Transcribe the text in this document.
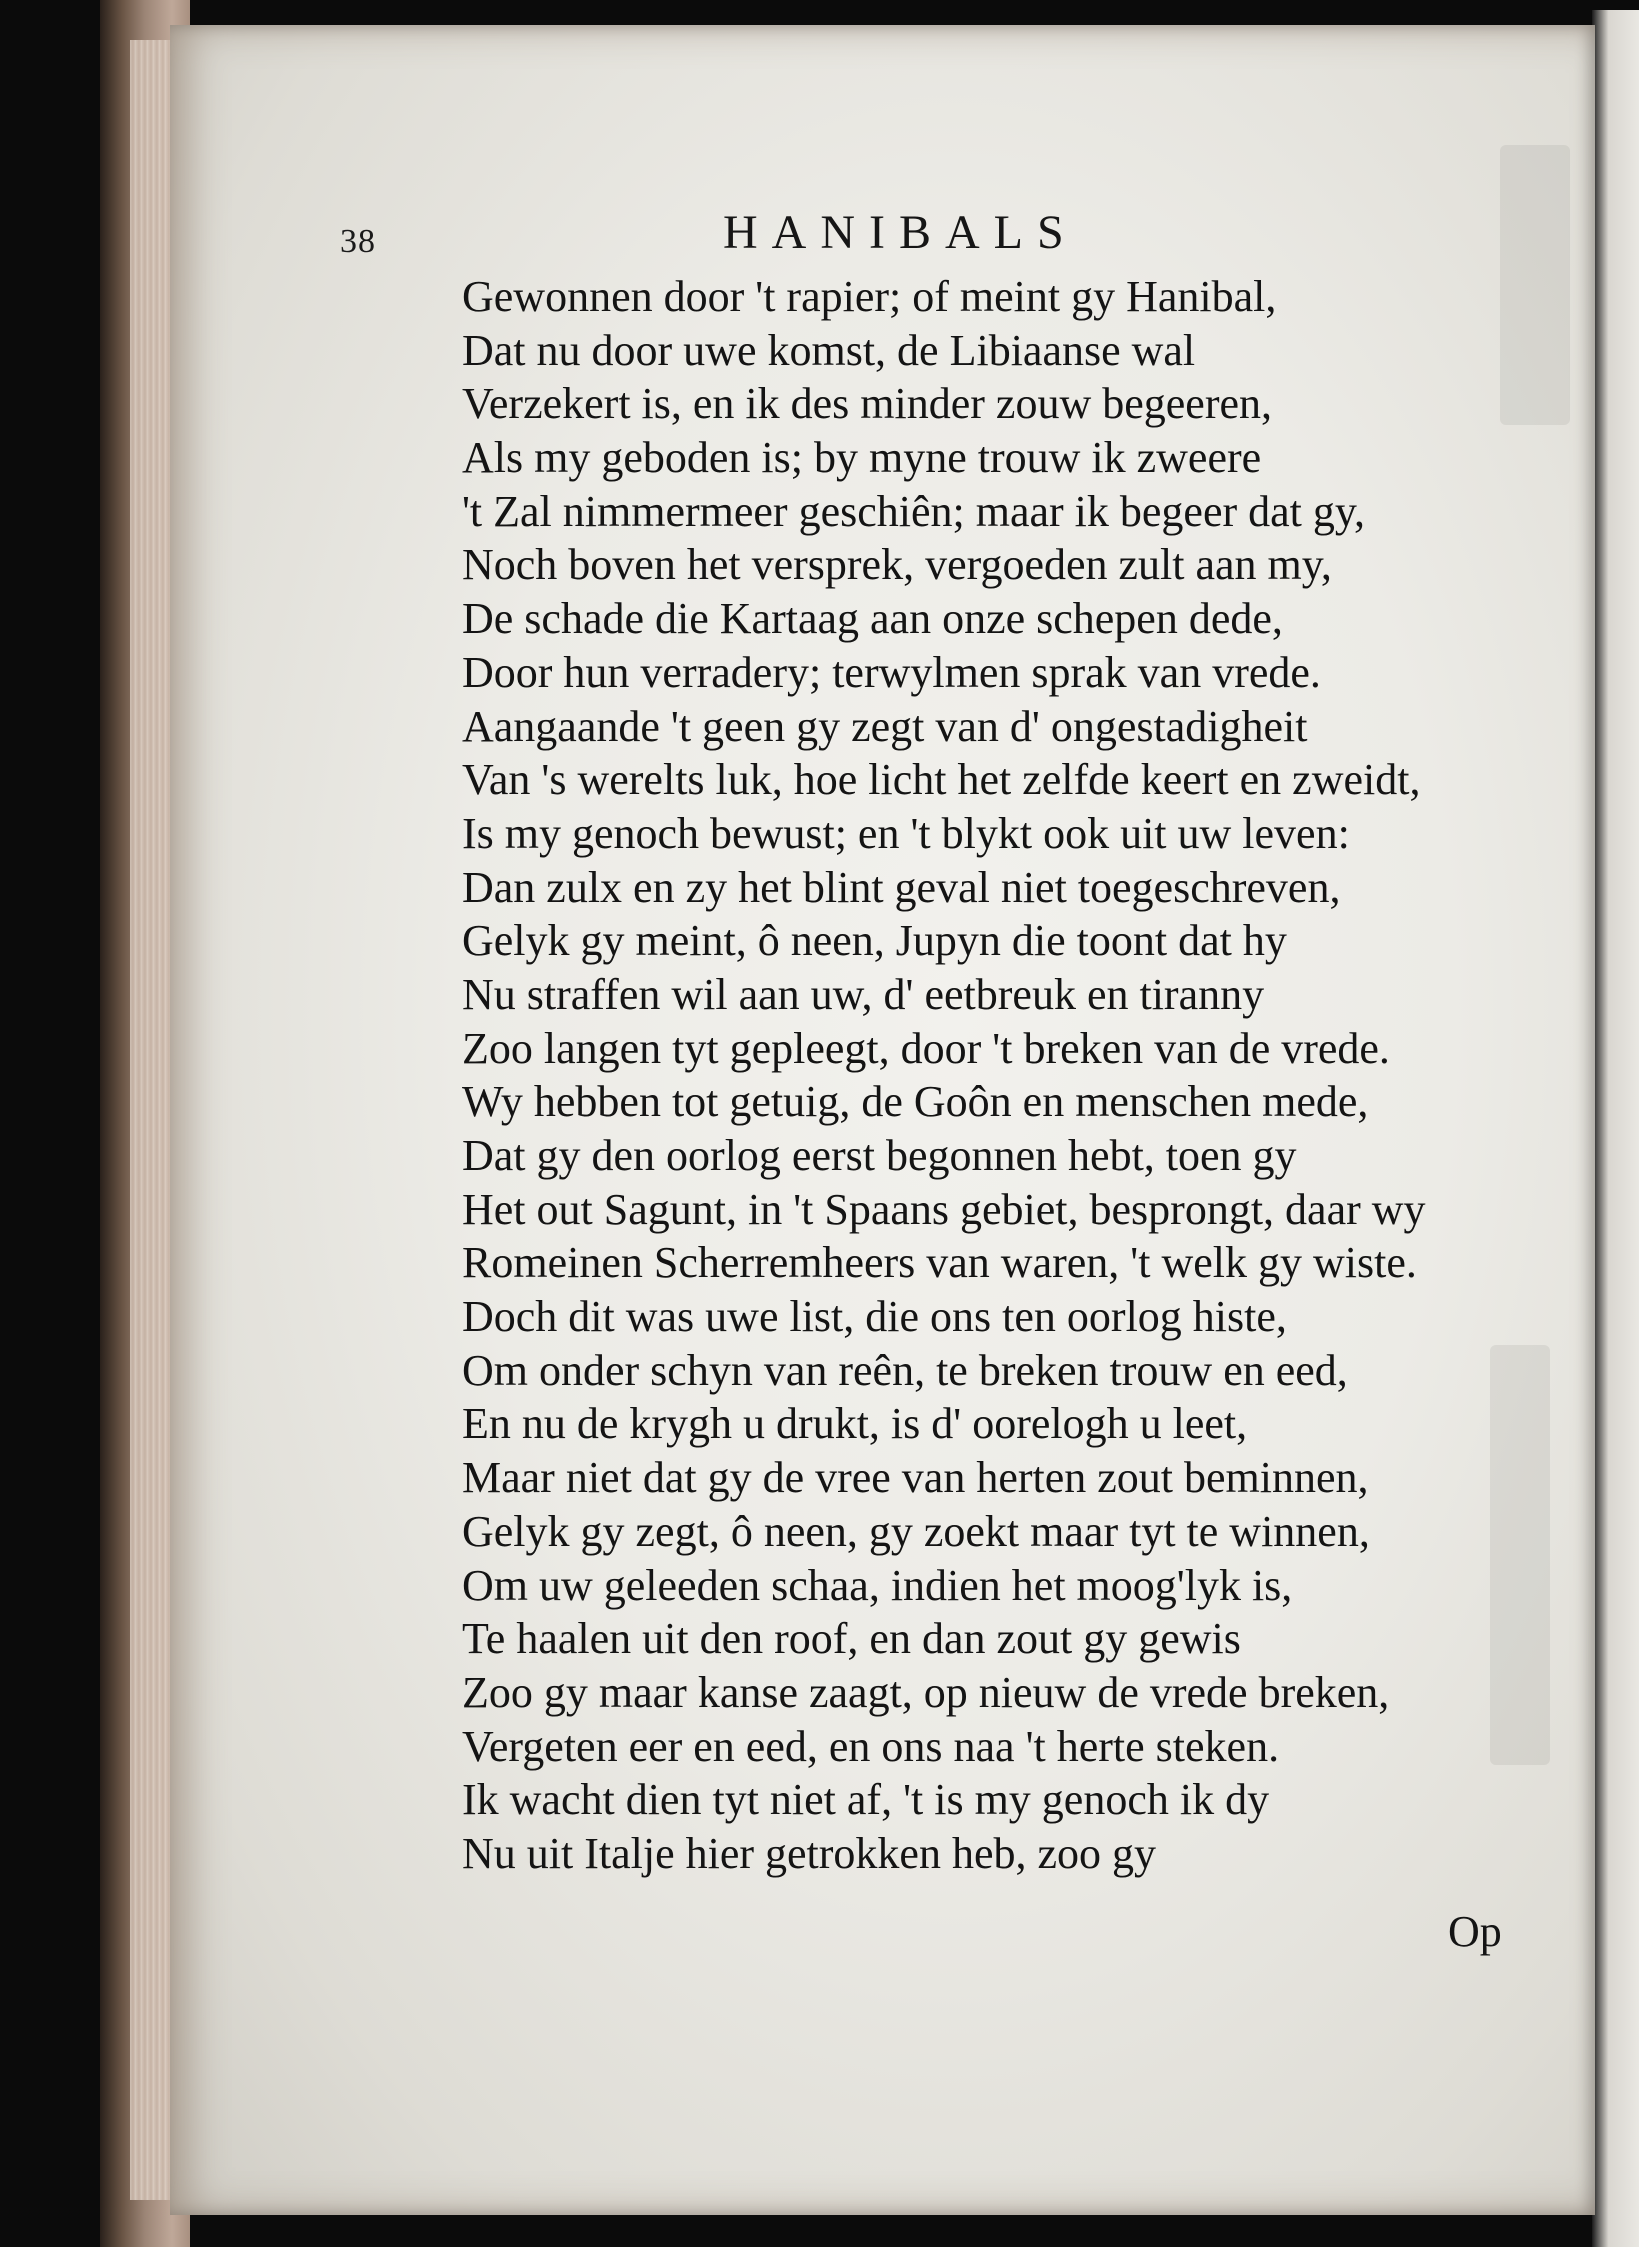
38	HANIBALS
Gewonnen door 't rapier; of meint gy Hanibal,
Dat nu door uwe komst, de Libiaanse wal
Verzekert is, en ik des minder zouw begeeren,
Als my geboden is; by myne trouw ik zweere
't Zal nimmermeer geschiên; maar ik begeer dat gy,
Noch boven het versprek, vergoeden zult aan my,
De schade die Kartaag aan onze schepen dede,
Door hun verradery; terwylmen sprak van vrede.
Aangaande 't geen gy zegt van d' ongestadigheit
Van 's werelts luk, hoe licht het zelfde keert en zweidt,
Is my genoch bewust; en 't blykt ook uit uw leven:
Dan zulx en zy het blint geval niet toegeschreven,
Gelyk gy meint, ô neen, Jupyn die toont dat hy
Nu straffen wil aan uw, d' eetbreuk en tiranny
Zoo langen tyt gepleegt, door 't breken van de vrede.
Wy hebben tot getuig, de Goôn en menschen mede,
Dat gy den oorlog eerst begonnen hebt, toen gy
Het out Sagunt, in 't Spaans gebiet, besprongt, daar wy
Romeinen Scherremheers van waren, 't welk gy wiste.
Doch dit was uwe list, die ons ten oorlog histe,
Om onder schyn van reên, te breken trouw en eed,
En nu de krygh u drukt, is d' oorelogh u leet,
Maar niet dat gy de vree van herten zout beminnen,
Gelyk gy zegt, ô neen, gy zoekt maar tyt te winnen,
Om uw geleeden schaa, indien het moog'lyk is,
Te haalen uit den roof, en dan zout gy gewis
Zoo gy maar kanse zaagt, op nieuw de vrede breken,
Vergeten eer en eed, en ons naa 't herte steken.
Ik wacht dien tyt niet af, 't is my genoch ik dy
Nu uit Italje hier getrokken heb, zoo gy
Op
